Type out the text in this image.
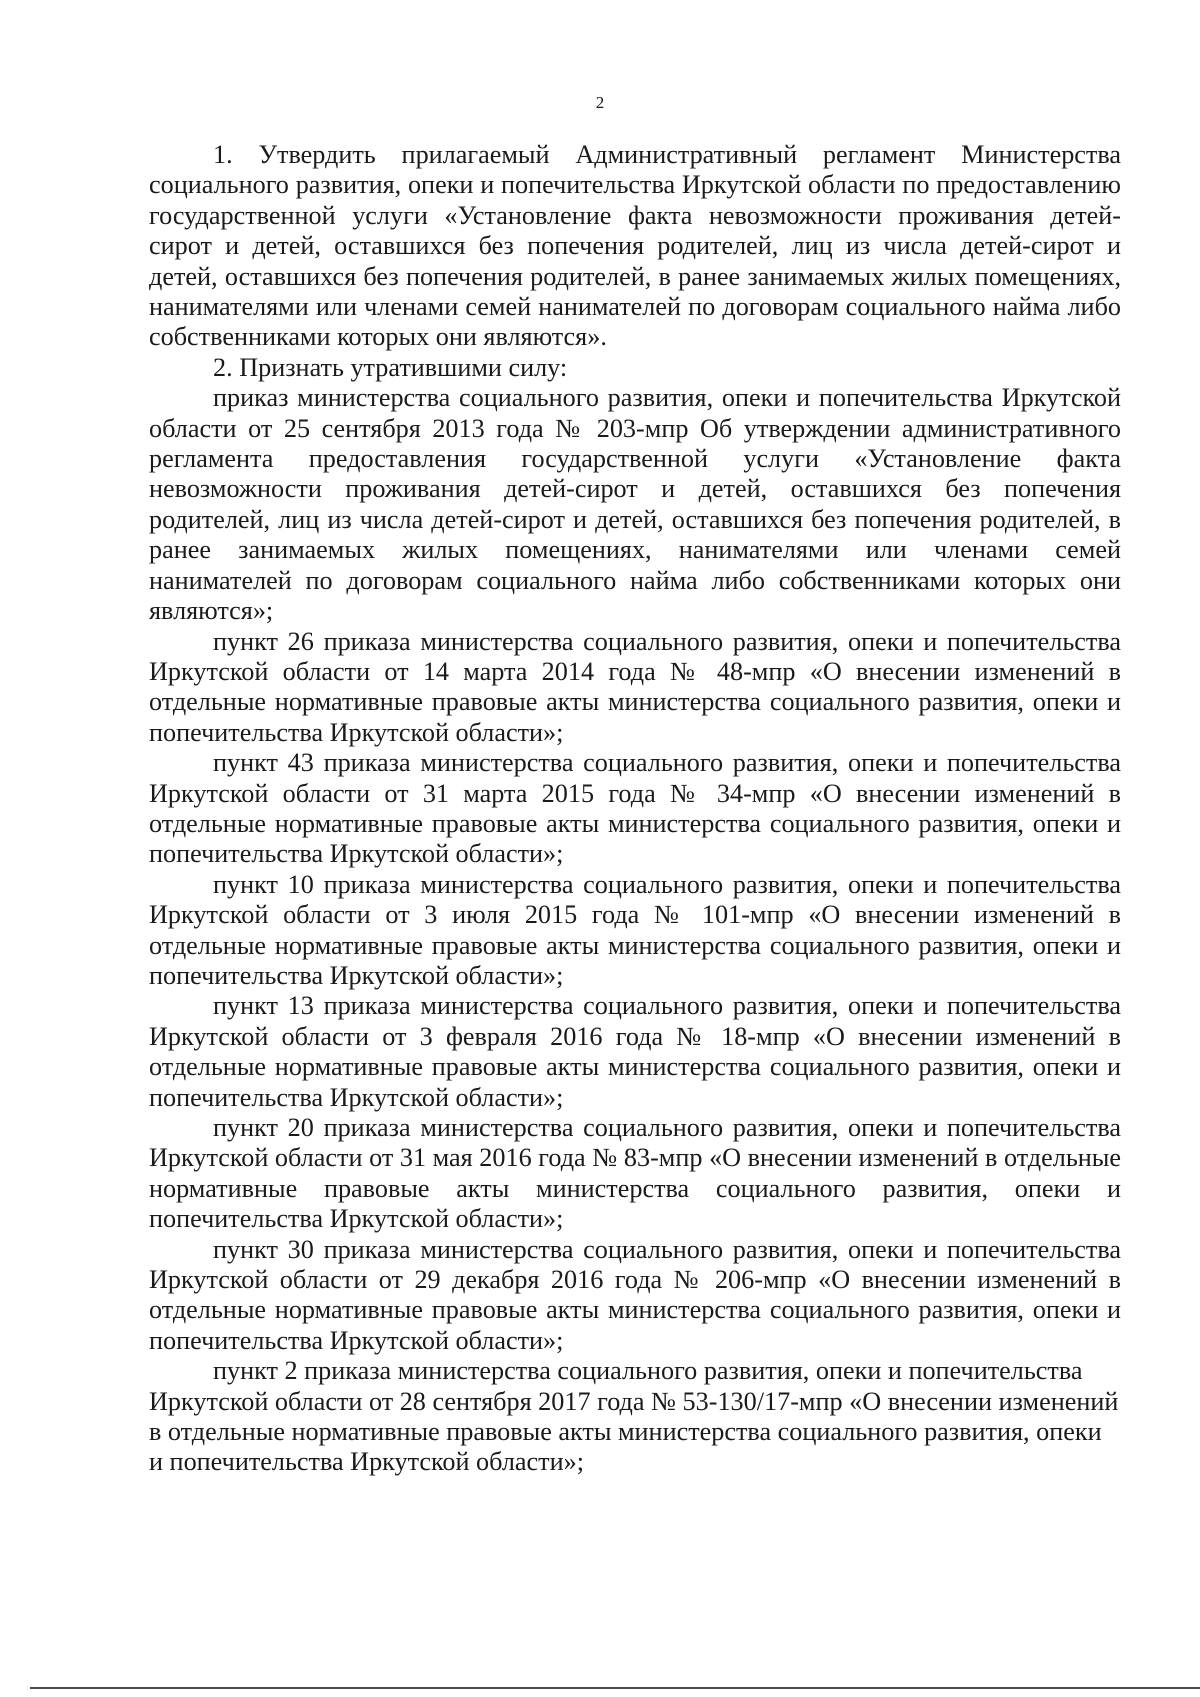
2

1. Утвердить прилагаемый Административный регламент Министерства социального развития, опеки и попечительства Иркутской области по предоставлению государственной услуги «Установление факта невозможности проживания детей-сирот и детей, оставшихся без попечения родителей, лиц из числа детей-сирот и детей, оставшихся без попечения родителей, в ранее занимаемых жилых помещениях, нанимателями или членами семей нанимателей по договорам социального найма либо собственниками которых они являются».

2. Признать утратившими силу:

приказ министерства социального развития, опеки и попечительства Иркутской области от 25 сентября 2013 года № 203-мпр Об утверждении административного регламента предоставления государственной услуги «Установление факта невозможности проживания детей-сирот и детей, оставшихся без попечения родителей, лиц из числа детей-сирот и детей, оставшихся без попечения родителей, в ранее занимаемых жилых помещениях, нанимателями или членами семей нанимателей по договорам социального найма либо собственниками которых они являются»;

пункт 26 приказа министерства социального развития, опеки и попечительства Иркутской области от 14 марта 2014 года № 48-мпр «О внесении изменений в отдельные нормативные правовые акты министерства социального развития, опеки и попечительства Иркутской области»;

пункт 43 приказа министерства социального развития, опеки и попечительства Иркутской области от 31 марта 2015 года № 34-мпр «О внесении изменений в отдельные нормативные правовые акты министерства социального развития, опеки и попечительства Иркутской области»;

пункт 10 приказа министерства социального развития, опеки и попечительства Иркутской области от 3 июля 2015 года № 101-мпр «О внесении изменений в отдельные нормативные правовые акты министерства социального развития, опеки и попечительства Иркутской области»;

пункт 13 приказа министерства социального развития, опеки и попечительства Иркутской области от 3 февраля 2016 года № 18-мпр «О внесении изменений в отдельные нормативные правовые акты министерства социального развития, опеки и попечительства Иркутской области»;

пункт 20 приказа министерства социального развития, опеки и попечительства Иркутской области от 31 мая 2016 года № 83-мпр «О внесении изменений в отдельные нормативные правовые акты министерства социального развития, опеки и попечительства Иркутской области»;

пункт 30 приказа министерства социального развития, опеки и попечительства Иркутской области от 29 декабря 2016 года № 206-мпр «О внесении изменений в отдельные нормативные правовые акты министерства социального развития, опеки и попечительства Иркутской области»;

пункт 2 приказа министерства социального развития, опеки и попечительства Иркутской области от 28 сентября 2017 года № 53-130/17-мпр «О внесении изменений в отдельные нормативные правовые акты министерства социального развития, опеки и попечительства Иркутской области»;
